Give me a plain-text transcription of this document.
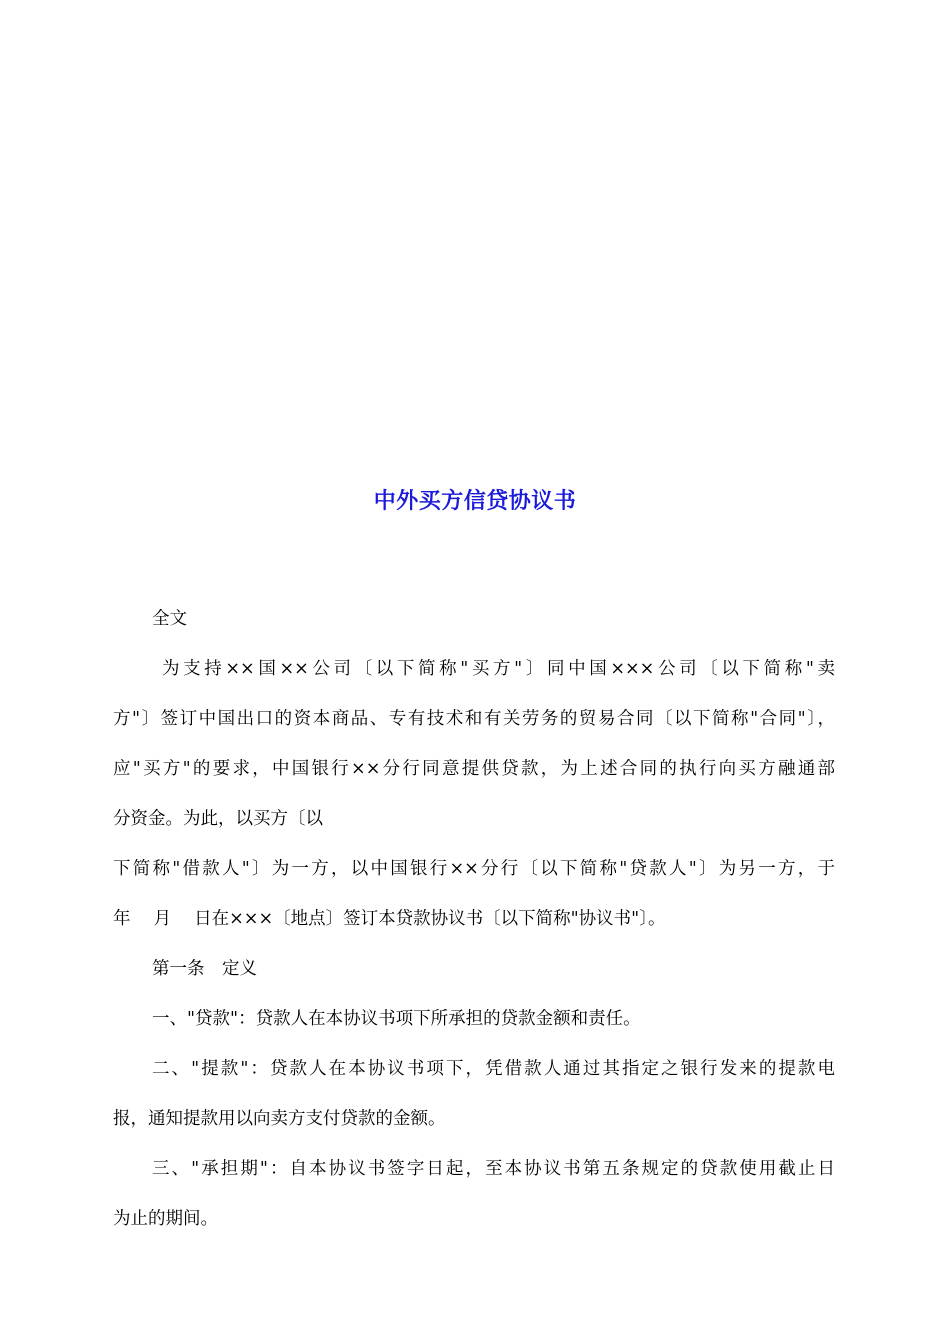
中外买方信贷协议书
全文
为支持××国××公司〔以下简称"买方"〕同中国×××公司〔以下简称"卖
方"〕签订中国出口的资本商品、专有技术和有关劳务的贸易合同〔以下简称"合同"〕，
应"买方"的要求，中国银行××分行同意提供贷款，为上述合同的执行向买方融通部
分资金。为此，以买方〔以
下简称"借款人"〕为一方，以中国银行××分行〔以下简称"贷款人"〕为另一方，于
年　 月　 日在×××〔地点〕签订本贷款协议书〔以下简称"协议书"〕。
第一条　定义
一、"贷款"：贷款人在本协议书项下所承担的贷款金额和责任。
二、"提款"：贷款人在本协议书项下，凭借款人通过其指定之银行发来的提款电
报，通知提款用以向卖方支付贷款的金额。
三、"承担期"：自本协议书签字日起，至本协议书第五条规定的贷款使用截止日
为止的期间。
